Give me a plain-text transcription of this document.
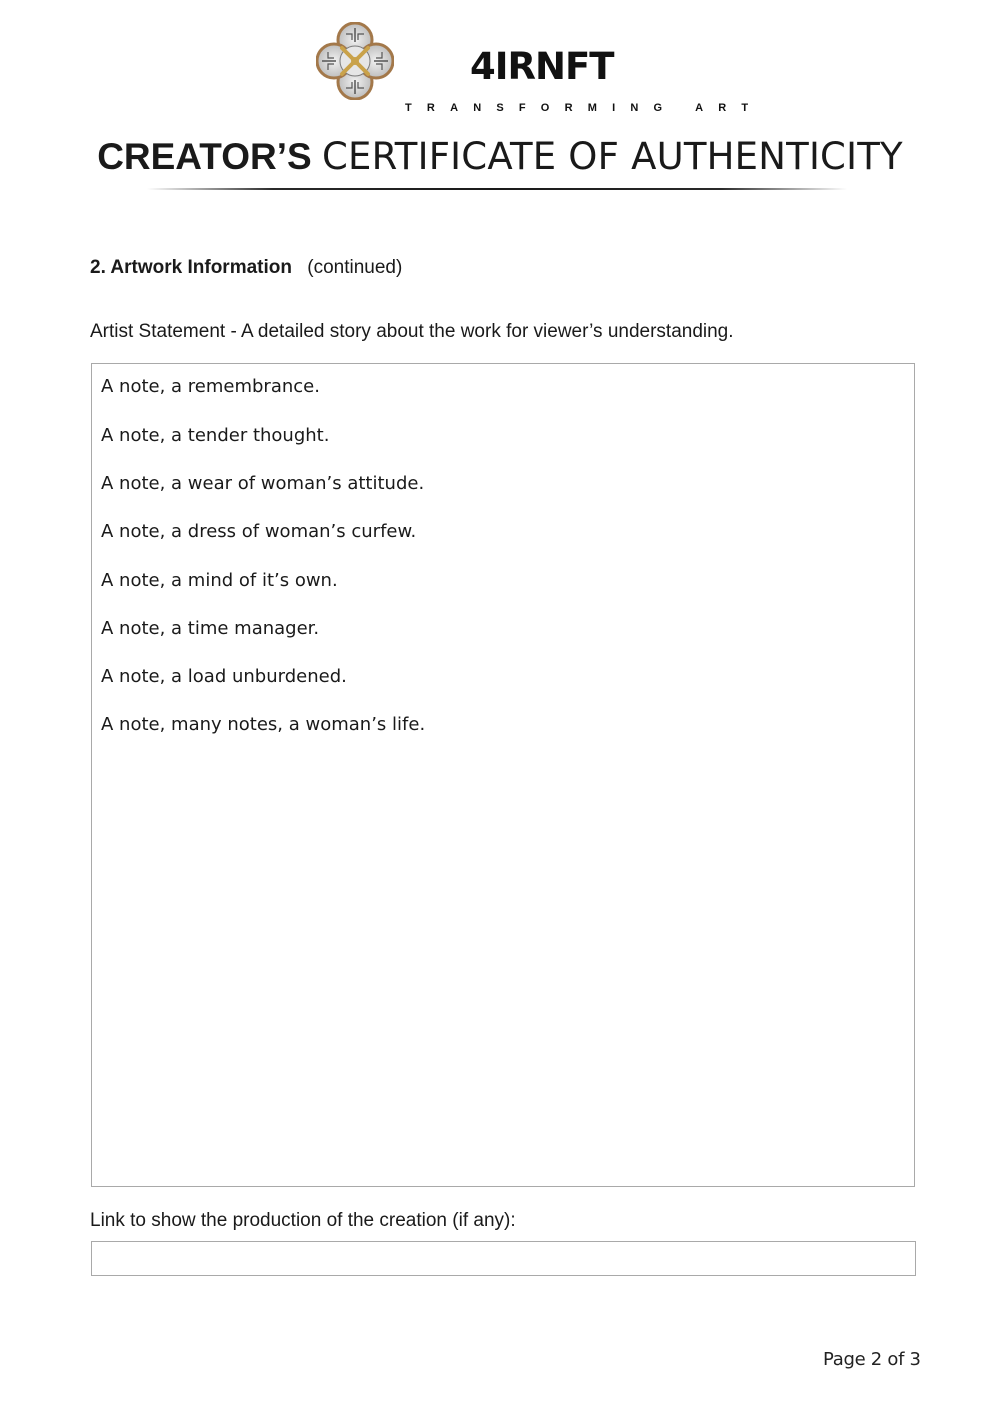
4IRNFT
TRANSFORMING ART
CREATOR’S CERTIFICATE OF AUTHENTICITY
2. Artwork Information (continued)
Artist Statement - A detailed story about the work for viewer’s understanding.
A note, a remembrance.
A note, a tender thought.
A note, a wear of woman’s attitude.
A note, a dress of woman’s curfew.
A note, a mind of it’s own.
A note, a time manager.
A note, a load unburdened.
A note, many notes, a woman’s life.
Link to show the production of the creation (if any):
Page 2 of 3
